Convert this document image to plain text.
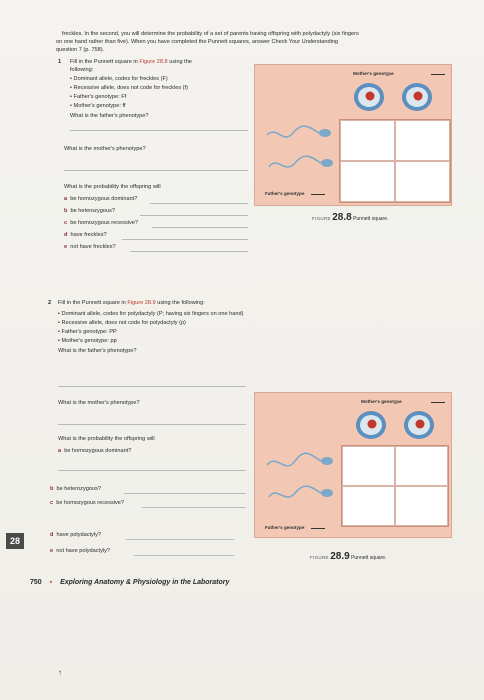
freckles. In the second, you will determine the probability of a set of parents having offspring with polydactyly (six fingers
on one hand rather than five). When you have completed the Punnett squares, answer Check Your Understanding
question 7 (p. 758).
1 Fill in the Punnett square in Figure 28.8 using the
following:
▪ Dominant allele, codes for freckles (F)
▪ Recessive allele, does not code for freckles (f)
▪ Father's genotype: Ff
▪ Mother's genotype: ff
What is the father's phenotype?
What is the mother's phenotype?
What is the probability the offspring will
a be homozygous dominant?
b be heterozygous?
c be homozygous recessive?
d have freckles?
e not have freckles?
Mother's genotype
Father's genotype
FIGURE 28.8 Punnett square.
2 Fill in the Punnett square in Figure 28.9 using the following:
▪ Dominant allele, codes for polydactyly (P; having six fingers on one hand)
▪ Recessive allele, does not code for polydactyly (p)
▪ Father's genotype: PP
▪ Mother's genotype: pp
What is the father's phenotype?
What is the mother's phenotype?
What is the probability the offspring will
a be homozygous dominant?
b be heterozygous?
c be homozygous recessive?
d have polydactyly?
e not have polydactyly?
Mother's genotype
Father's genotype
FIGURE 28.9 Punnett square.
28
750 ▪ Exploring Anatomy & Physiology in the Laboratory
↑
